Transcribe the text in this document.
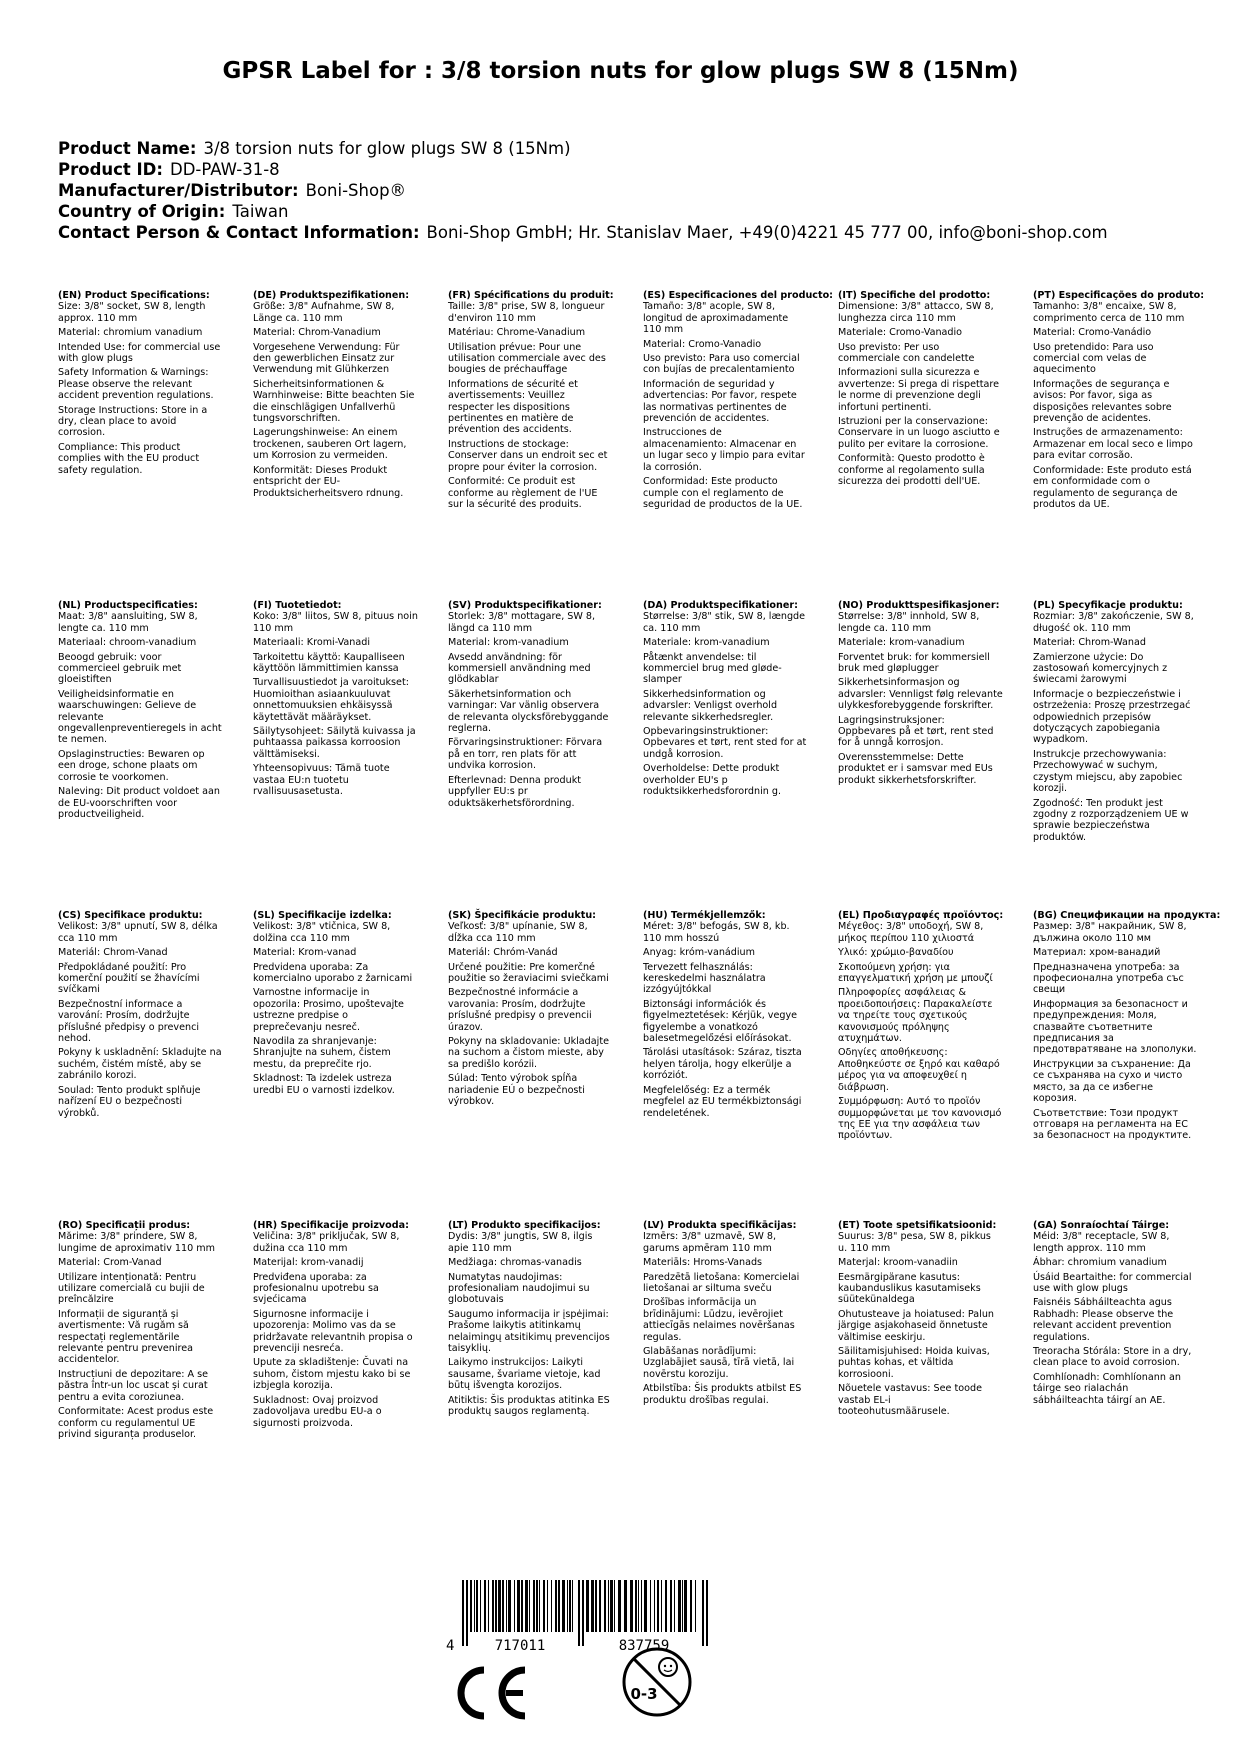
GPSR Label for : 3/8 torsion nuts for glow plugs SW 8 (15Nm)
Product Name: 3/8 torsion nuts for glow plugs SW 8 (15Nm)
Product ID: DD-PAW-31-8
Manufacturer/Distributor: Boni-Shop®
Country of Origin: Taiwan
Contact Person & Contact Information: Boni-Shop GmbH; Hr. Stanislav Maer, +49(0)4221 45 777 00, info@boni-shop.com
(EN) Product Specifications:

Size: 3/8" socket, SW 8, length approx. 110 mm

Material: chromium vanadium

Intended Use: for commercial use with glow plugs

Safety Information & Warnings: Please observe the relevant accident prevention regulations.

Storage Instructions: Store in a dry, clean place to avoid corrosion.

Compliance: This product complies with the EU product safety regulation.

(DE) Produktspezifikationen:

Größe: 3/8" Aufnahme, SW 8, Länge ca. 110 mm

Material: Chrom-Vanadium

Vorgesehene Verwendung: Für den gewerblichen Einsatz zur Verwendung mit Glühkerzen

Sicherheitsinformationen & Warnhinweise: Bitte beachten Sie die einschlägigen Unfallverhü tungsvorschriften.

Lagerungshinweise: An einem trockenen, sauberen Ort lagern, um Korrosion zu vermeiden.

Konformität: Dieses Produkt entspricht der EU-Produktsicherheitsvero rdnung.

(FR) Spécifications du produit:

Taille: 3/8" prise, SW 8, longueur d'environ 110 mm

Matériau: Chrome-Vanadium

Utilisation prévue: Pour une utilisation commerciale avec des bougies de préchauffage

Informations de sécurité et avertissements: Veuillez respecter les dispositions pertinentes en matière de prévention des accidents.

Instructions de stockage: Conserver dans un endroit sec et propre pour éviter la corrosion.

Conformité: Ce produit est conforme au règlement de l'UE sur la sécurité des produits.

(ES) Especificaciones del producto:

Tamaño: 3/8" acople, SW 8, longitud de aproximadamente 110 mm

Material: Cromo-Vanadio

Uso previsto: Para uso comercial con bujías de precalentamiento

Información de seguridad y advertencias: Por favor, respete las normativas pertinentes de prevención de accidentes.

Instrucciones de almacenamiento: Almacenar en un lugar seco y limpio para evitar la corrosión.

Conformidad: Este producto cumple con el reglamento de seguridad de productos de la UE.

(IT) Specifiche del prodotto:

Dimensione: 3/8" attacco, SW 8, lunghezza circa 110 mm

Materiale: Cromo-Vanadio

Uso previsto: Per uso commerciale con candelette

Informazioni sulla sicurezza e avvertenze: Si prega di rispettare le norme di prevenzione degli infortuni pertinenti.

Istruzioni per la conservazione: Conservare in un luogo asciutto e pulito per evitare la corrosione.

Conformità: Questo prodotto è conforme al regolamento sulla sicurezza dei prodotti dell'UE.

(PT) Especificações do produto:

Tamanho: 3/8" encaixe, SW 8, comprimento cerca de 110 mm

Material: Cromo-Vanádio

Uso pretendido: Para uso comercial com velas de aquecimento

Informações de segurança e avisos: Por favor, siga as disposições relevantes sobre prevenção de acidentes.

Instruções de armazenamento: Armazenar em local seco e limpo para evitar corrosão.

Conformidade: Este produto está em conformidade com o regulamento de segurança de produtos da UE.

(NL) Productspecificaties:

Maat: 3/8" aansluiting, SW 8, lengte ca. 110 mm

Materiaal: chroom-vanadium

Beoogd gebruik: voor commercieel gebruik met gloeistiften

Veiligheidsinformatie en waarschuwingen: Gelieve de relevante ongevallenpreventieregels in acht te nemen.

Opslaginstructies: Bewaren op een droge, schone plaats om corrosie te voorkomen.

Naleving: Dit product voldoet aan de EU-voorschriften voor productveiligheid.

(FI) Tuotetiedot:

Koko: 3/8" liitos, SW 8, pituus noin 110 mm

Materiaali: Kromi-Vanadi

Tarkoitettu käyttö: Kaupalliseen käyttöön lämmittimien kanssa

Turvallisuustiedot ja varoitukset: Huomioithan asiaankuuluvat onnettomuuksien ehkäisyssä käytettävät määräykset.

Säilytysohjeet: Säilytä kuivassa ja puhtaassa paikassa korroosion välttämiseksi.

Yhteensopivuus: Tämä tuote vastaa EU:n tuotetu rvallisuusasetusta.

(SV) Produktspecifikationer:

Storlek: 3/8" mottagare, SW 8, längd ca 110 mm

Material: krom-vanadium

Avsedd användning: för kommersiell användning med glödkablar

Säkerhetsinformation och varningar: Var vänlig observera de relevanta olycksförebyggande reglerna.

Förvaringsinstruktioner: Förvara på en torr, ren plats för att undvika korrosion.

Efterlevnad: Denna produkt uppfyller EU:s pr oduktsäkerhetsförordning.

(DA) Produktspecifikationer:

Størrelse: 3/8" stik, SW 8, længde ca. 110 mm

Materiale: krom-vanadium

Påtænkt anvendelse: til kommerciel brug med glødeslamper

Sikkerhedsinformation og advarsler: Venligst overhold relevante sikkerhedsregler.

Opbevaringsinstruktioner: Opbevares et tørt, rent sted for at undgå korrosion.

Overholdelse: Dette produkt overholder EU's p roduktsikkerhedsforordnin g.

(NO) Produkttspesifikasjoner:

Størrelse: 3/8" innhold, SW 8, lengde ca. 110 mm

Materiale: krom-vanadium

Forventet bruk: for kommersiell bruk med gløplugger

Sikkerhetsinformasjon og advarsler: Vennligst følg relevante ulykkesforebyggende forskrifter.

Lagringsinstruksjoner: Oppbevares på et tørt, rent sted for å unngå korrosjon.

Overensstemmelse: Dette produktet er i samsvar med EUs produkt sikkerhetsforskrifter.

(PL) Specyfikacje produktu:

Rozmiar: 3/8" zakończenie, SW 8, długość ok. 110 mm

Materiał: Chrom-Wanad

Zamierzone użycie: Do zastosowań komercyjnych z świecami żarowymi

Informacje o bezpieczeństwie i ostrzeżenia: Proszę przestrzegać odpowiednich przepisów dotyczących zapobiegania wypadkom.

Instrukcje przechowywania: Przechowywać w suchym, czystym miejscu, aby zapobiec korozji.

Zgodność: Ten produkt jest zgodny z rozporządzeniem UE w sprawie bezpieczeństwa produktów.

(CS) Specifikace produktu:

Velikost: 3/8" upnutí, SW 8, délka cca 110 mm

Materiál: Chrom-Vanad

Předpokládané použití: Pro komerční použití se žhavícími svíčkami

Bezpečnostní informace a varování: Prosím, dodržujte příslušné předpisy o prevenci nehod.

Pokyny k uskladnění: Skladujte na suchém, čistém místě, aby se zabránilo korozi.

Soulad: Tento produkt splňuje nařízení EU o bezpečnosti výrobků.

(SL) Specifikacije izdelka:

Velikost: 3/8" vtičnica, SW 8, dolžina cca 110 mm

Material: Krom-vanad

Predvidena uporaba: Za komercialno uporabo z žarnicami

Varnostne informacije in opozorila: Prosimo, upoštevajte ustrezne predpise o preprečevanju nesreč.

Navodila za shranjevanje: Shranjujte na suhem, čistem mestu, da preprečite rjo.

Skladnost: Ta izdelek ustreza uredbi EU o varnosti izdelkov.

(SK) Špecifikácie produktu:

Veľkosť: 3/8" upínanie, SW 8, dĺžka cca 110 mm

Materiál: Chróm-Vanád

Určené použitie: Pre komerčné použitie so žeraviacimi sviečkami

Bezpečnostné informácie a varovania: Prosím, dodržujte príslušné predpisy o prevencii úrazov.

Pokyny na skladovanie: Ukladajte na suchom a čistom mieste, aby sa predišlo korózii.

Súlad: Tento výrobok spĺňa nariadenie EÚ o bezpečnosti výrobkov.

(HU) Termékjellemzők:

Méret: 3/8" befogás, SW 8, kb. 110 mm hosszú

Anyag: króm-vanádium

Tervezett felhasználás: kereskedelmi használatra izzógyújtókkal

Biztonsági információk és figyelmeztetések: Kérjük, vegye figyelembe a vonatkozó balesetmegelőzési előírásokat.

Tárolási utasítások: Száraz, tiszta helyen tárolja, hogy elkerülje a korróziót.

Megfelelőség: Ez a termék megfelel az EU termékbiztonsági rendeletének.

(EL) Προδιαγραφές προϊόντος:

Μέγεθος: 3/8" υποδοχή, SW 8, μήκος περίπου 110 χιλιοστά

Υλικό: χρώμιο-βαναδίου

Σκοπούμενη χρήση: για επαγγελματική χρήση με μπουζί

Πληροφορίες ασφάλειας & προειδοποιήσεις: Παρακαλείστε να τηρείτε τους σχετικούς κανονισμούς πρόληψης ατυχημάτων.

Οδηγίες αποθήκευσης: Αποθηκεύστε σε ξηρό και καθαρό μέρος για να αποφευχθεί η διάβρωση.

Συμμόρφωση: Αυτό το προϊόν συμμορφώνεται με τον κανονισμό της ΕΕ για την ασφάλεια των προϊόντων.

(BG) Спецификации на продукта:

Размер: 3/8" накрайник, SW 8, дължина около 110 мм

Материал: хром-ванадий

Предназначена употреба: за професионална употреба със свещи

Информация за безопасност и предупреждения: Моля, спазвайте съответните предписания за предотвратяване на злополуки.

Инструкции за съхранение: Да се съхранява на сухо и чисто място, за да се избегне корозия.

Съответствие: Този продукт отговаря на регламента на ЕС за безопасност на продуктите.

(RO) Specificații produs:

Mărime: 3/8" prindere, SW 8, lungime de aproximativ 110 mm

Material: Crom-Vanad

Utilizare intenționată: Pentru utilizare comercială cu bujii de preîncălzire

Informații de siguranță și avertismente: Vă rugăm să respectați reglementările relevante pentru prevenirea accidentelor.

Instrucțiuni de depozitare: A se păstra într-un loc uscat și curat pentru a evita coroziunea.

Conformitate: Acest produs este conform cu regulamentul UE privind siguranța produselor.

(HR) Specifikacije proizvoda:

Veličina: 3/8" priključak, SW 8, dužina cca 110 mm

Materijal: krom-vanadij

Predviđena uporaba: za profesionalnu upotrebu sa svjećicama

Sigurnosne informacije i upozorenja: Molimo vas da se pridržavate relevantnih propisa o prevenciji nesreća.

Upute za skladištenje: Čuvati na suhom, čistom mjestu kako bi se izbjegla korozija.

Sukladnost: Ovaj proizvod zadovoljava uredbu EU-a o sigurnosti proizvoda.

(LT) Produkto specifikacijos:

Dydis: 3/8" jungtis, SW 8, ilgis apie 110 mm

Medžiaga: chromas-vanadis

Numatytas naudojimas: profesionaliam naudojimui su globotuvais

Saugumo informacija ir įspėjimai: Prašome laikytis atitinkamų nelaimingų atsitikimų prevencijos taisyklių.

Laikymo instrukcijos: Laikyti sausame, švariame vietoje, kad būtų išvengta korozijos.

Atitiktis: Šis produktas atitinka ES produktų saugos reglamentą.

(LV) Produkta specifikācijas:

Izmērs: 3/8" uzmavē, SW 8, garums apmēram 110 mm

Materiāls: Hroms-Vanads

Paredzētā lietošana: Komercielai lietošanai ar siltuma sveču

Drošības informācija un brīdinājumi: Lūdzu, ievērojiet attiecīgās nelaimes novēršanas regulas.

Glabāšanas norādījumi: Uzglabājiet sausā, tīrā vietā, lai novērstu koroziju.

Atbilstība: Šis produkts atbilst ES produktu drošības regulai.

(ET) Toote spetsifikatsioonid:

Suurus: 3/8" pesa, SW 8, pikkus u. 110 mm

Materjal: kroom-vanadiin

Eesmärgipärane kasutus: kaubanduslikus kasutamiseks süütekünaldega

Ohutusteave ja hoiatused: Palun järgige asjakohaseid õnnetuste vältimise eeskirju.

Säilitamisjuhised: Hoida kuivas, puhtas kohas, et vältida korrosiooni.

Nõuetele vastavus: See toode vastab EL-i tooteohutusmäärusele.

(GA) Sonraíochtaí Táirge:

Méid: 3/8" receptacle, SW 8, length approx. 110 mm

Ábhar: chromium vanadium

Úsáid Beartaithe: for commercial use with glow plugs

Faisnéis Sábháilteachta agus Rabhadh: Please observe the relevant accident prevention regulations.

Treoracha Stórála: Store in a dry, clean place to avoid corrosion.

Comhlíonadh: Comhlíonann an táirge seo rialachán sábháilteachta táirgí an AE.

4	717011	837759
0-3
